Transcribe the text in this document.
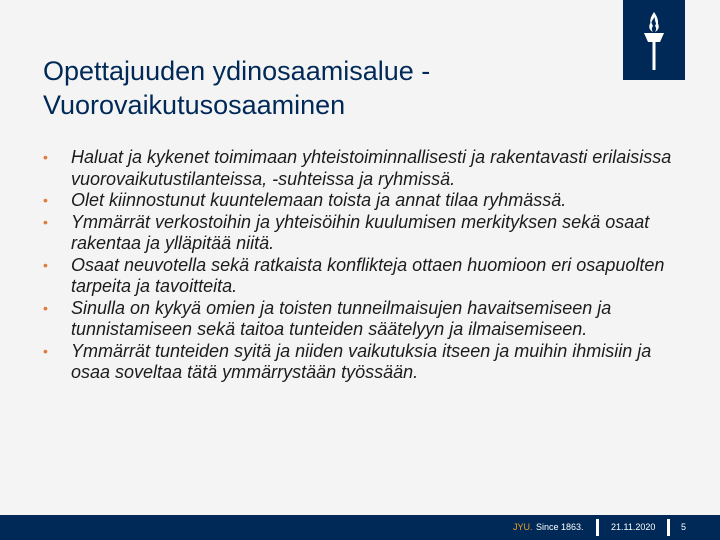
Opettajuuden ydinosaamisalue -
Vuorovaikutusosaaminen
• Haluat ja kykenet toimimaan yhteistoiminnallisesti ja rakentavasti erilaisissa vuorovaikutustilanteissa, -suhteissa ja ryhmissä.
• Olet kiinnostunut kuuntelemaan toista ja annat tilaa ryhmässä.
• Ymmärrät verkostoihin ja yhteisöihin kuulumisen merkityksen sekä osaat rakentaa ja ylläpitää niitä.
• Osaat neuvotella sekä ratkaista konflikteja ottaen huomioon eri osapuolten tarpeita ja tavoitteita.
• Sinulla on kykyä omien ja toisten tunneilmaisujen havaitsemiseen ja tunnistamiseen sekä taitoa tunteiden säätelyyn ja ilmaisemiseen.
• Ymmärrät tunteiden syitä ja niiden vaikutuksia itseen ja muihin ihmisiin ja osaa soveltaa tätä ymmärrystään työssään.
JYU. Since 1863.	21.11.2020	5
